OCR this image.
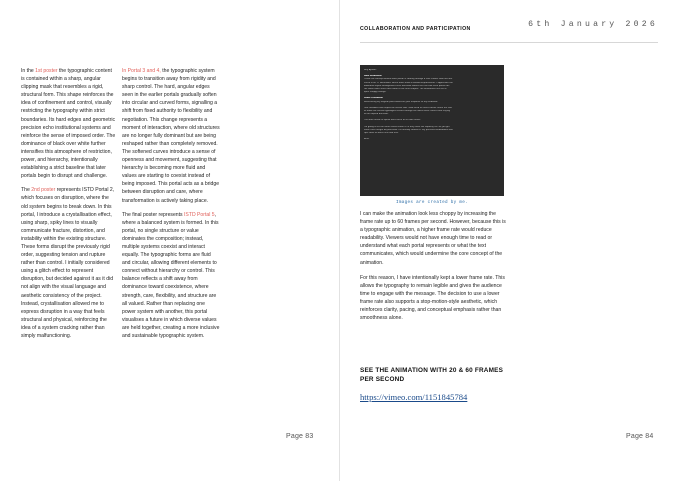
In the 1st poster the typographic content is contained within a sharp, angular clipping mask that resembles a rigid, structural form. This shape reinforces the idea of confinement and control, visually restricting the typography within strict boundaries. Its hard edges and geometric precision echo institutional systems and reinforce the sense of imposed order. The dominance of black over white further intensifies this atmosphere of restriction, power, and hierarchy, intentionally establishing a strict baseline that later portals begin to disrupt and challenge.

The 2nd poster represents ISTD Portal 2, which focuses on disruption, where the old system begins to break down. In this portal, I introduce a crystallisation effect, using sharp, spiky lines to visually communicate fracture, distortion, and instability within the existing structure. These forms disrupt the previously rigid order, suggesting tension and rupture rather than control. I initially considered using a glitch effect to represent disruption, but decided against it as it did not align with the visual language and aesthetic consistency of the project. Instead, crystallisation allowed me to express disruption in a way that feels structural and physical, reinforcing the idea of a system cracking rather than simply malfunctioning.

In Portal 3 and 4, the typographic system begins to transition away from rigidity and sharp control. The hard, angular edges seen in the earlier portals gradually soften into circular and curved forms, signalling a shift from fixed authority to flexibility and negotiation. This change represents a moment of interaction, where old structures are no longer fully dominant but are being reshaped rather than completely removed. The softened curves introduce a sense of openness and movement, suggesting that hierarchy is becoming more fluid and values are starting to coexist instead of being imposed. This portal acts as a bridge between disruption and care, where transformation is actively taking place.

The final poster represents ISTD Portal 5, where a balanced system is formed. In this portal, no single structure or value dominates the composition; instead, multiple systems coexist and interact equally. The typographic forms are fluid and circular, allowing different elements to connect without hierarchy or control. This balance reflects a shift away from dominance toward coexistence, where strength, care, flexibility, and structure are all valued. Rather than replacing one power system with another, this portal visualises a future in which diverse values are held together, creating a more inclusive and sustainable typographic system.

Page 83
COLLABORATION AND PARTICIPATION	6th January 2026
Hey Ayman,
New iterations:
I think the concept behind each portal is coming through a little clearer than our last
check in on 17 November, which must show a marked improvement. I appreciate the
additional layout arrangement here and what makes the first that each portal has
the same motif since each leads to the next chapter. The animations still feel a
quite choppy though.
Some Feedback:
Referencing my original point based on your response to my feedback:
Your feedback has helped me realise that I now need to either further refine the text
or make the central typologies clearer through the same motif, rather than relying
on an implied direction.
The work needs to speak and evolve on its own terms.
I'm going to let the other tutors chime in (if they have the capacity to), as you get
some fresh insight beyond what I've already shared re: my previous breakdowns and
tips, most of which still hold true.
Best,
Images are created by me.

I can make the animation look less choppy by increasing the frame rate up to 60 frames per second. However, because this is a typographic animation, a higher frame rate would reduce readability. Viewers would not have enough time to read or understand what each portal represents or what the text communicates, which would undermine the core concept of the animation.

For this reason, I have intentionally kept a lower frame rate. This allows the typography to remain legible and gives the audience time to engage with the message. The decision to use a lower frame rate also supports a stop-motion-style aesthetic, which reinforces clarity, pacing, and conceptual emphasis rather than smoothness alone.

SEE THE ANIMATION WITH 20 & 60 FRAMES PER SECOND
https://vimeo.com/1151845784
Page 84
